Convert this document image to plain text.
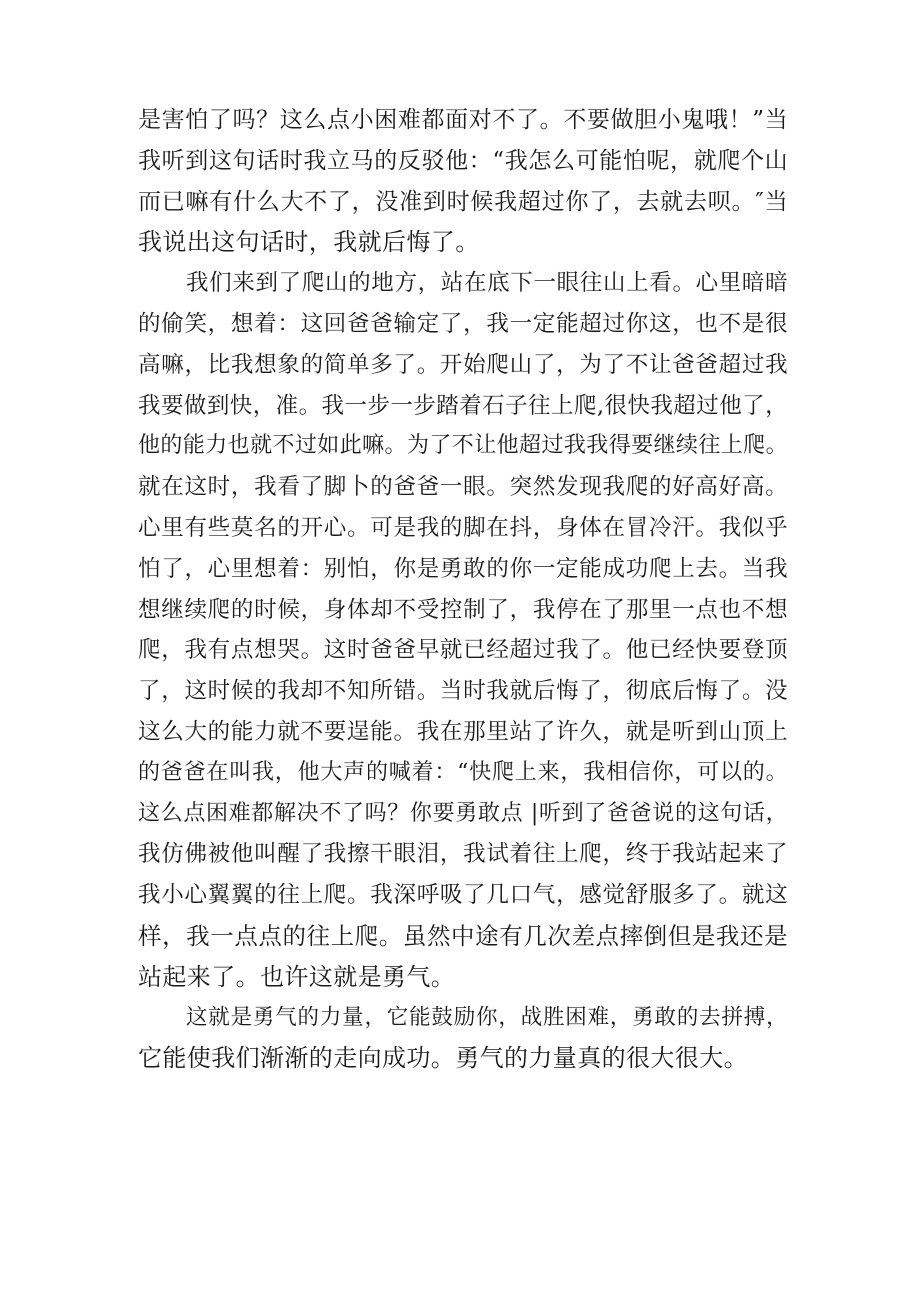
是害怕了吗？这么点小困难都面对不了。不要做胆小鬼哦！”当
我听到这句话时我立马的反驳他：“我怎么可能怕呢，就爬个山
而已嘛有什么大不了，没准到时候我超过你了，去就去呗。″当
我说出这句话时，我就后悔了。
我们来到了爬山的地方，站在底下一眼往山上看。心里暗暗
的偷笑，想着：这回爸爸输定了，我一定能超过你这，也不是很
高嘛，比我想象的简单多了。开始爬山了，为了不让爸爸超过我
我要做到快，准。我一步一步踏着石子往上爬,很快我超过他了，
他的能力也就不过如此嘛。为了不让他超过我我得要继续往上爬。
就在这时，我看了脚卜的爸爸一眼。突然发现我爬的好高好高。
心里有些莫名的开心。可是我的脚在抖，身体在冒冷汗。我似乎
怕了，心里想着：别怕，你是勇敢的你一定能成功爬上去。当我
想继续爬的时候，身体却不受控制了，我停在了那里一点也不想
爬，我有点想哭。这时爸爸早就已经超过我了。他已经快要登顶
了，这时候的我却不知所错。当时我就后悔了，彻底后悔了。没
这么大的能力就不要逞能。我在那里站了许久，就是听到山顶上
的爸爸在叫我，他大声的喊着：“快爬上来，我相信你，可以的。
这么点困难都解决不了吗？你要勇敢点 |听到了爸爸说的这句话，
我仿佛被他叫醒了我擦干眼泪，我试着往上爬，终于我站起来了
我小心翼翼的往上爬。我深呼吸了几口气，感觉舒服多了。就这
样，我一点点的往上爬。虽然中途有几次差点摔倒但是我还是
站起来了。也许这就是勇气。
这就是勇气的力量，它能鼓励你，战胜困难，勇敢的去拼搏，
它能使我们渐渐的走向成功。勇气的力量真的很大很大。
